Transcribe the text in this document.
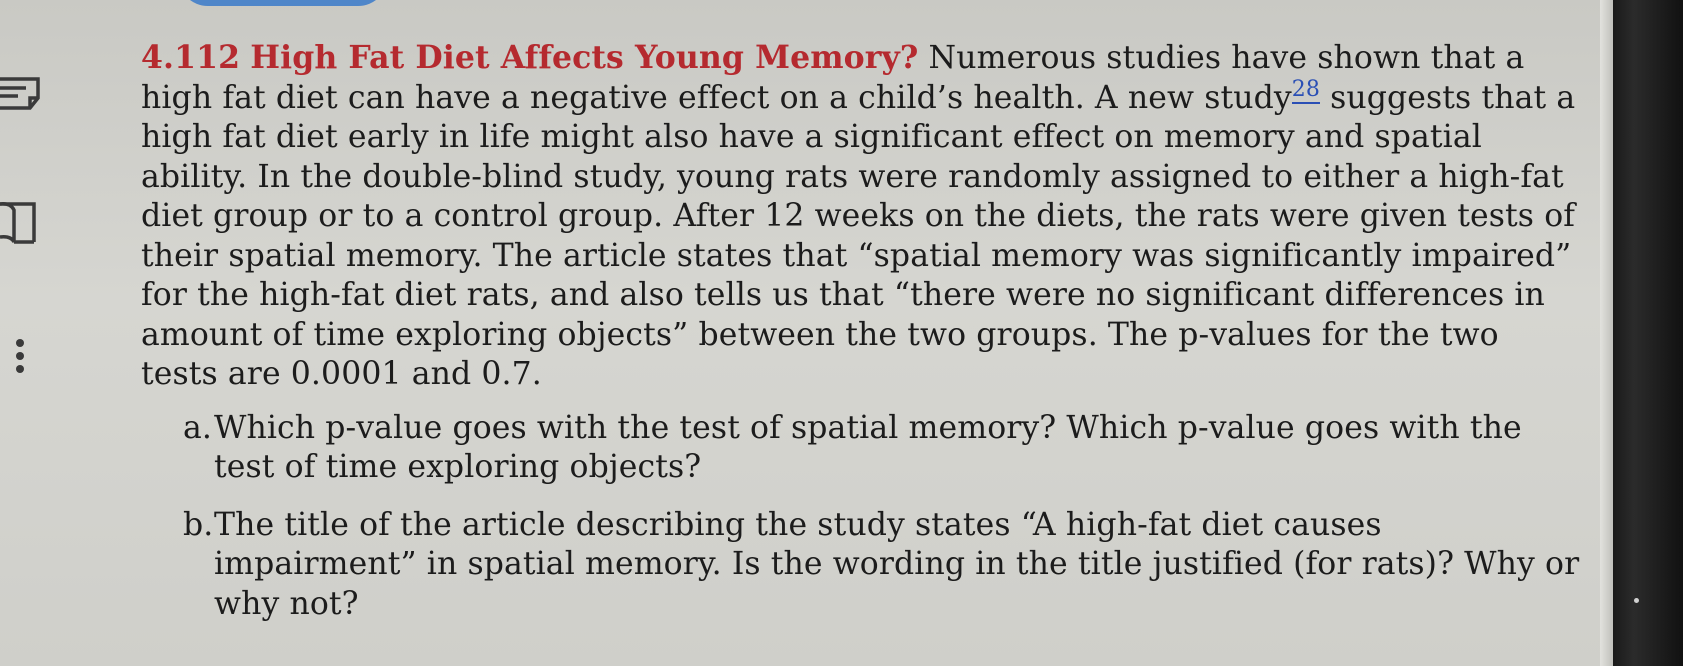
4.112 High Fat Diet Affects Young Memory? Numerous studies have shown that a high fat diet can have a negative effect on a child’s health. A new study$^{28}$ suggests that a high fat diet early in life might also have a significant effect on memory and spatial ability. In the double-blind study, young rats were randomly assigned to either a high-fat diet group or to a control group. After 12 weeks on the diets, the rats were given tests of their spatial memory. The article states that “spatial memory was significantly impaired” for the high-fat diet rats, and also tells us that “there were no significant differences in amount of time exploring objects” between the two groups. The p-values for the two tests are 0.0001 and 0.7.

a. Which p-value goes with the test of spatial memory? Which p-value goes with the test of time exploring objects?

b. The title of the article describing the study states “A high-fat diet causes impairment” in spatial memory. Is the wording in the title justified (for rats)? Why or why not?
